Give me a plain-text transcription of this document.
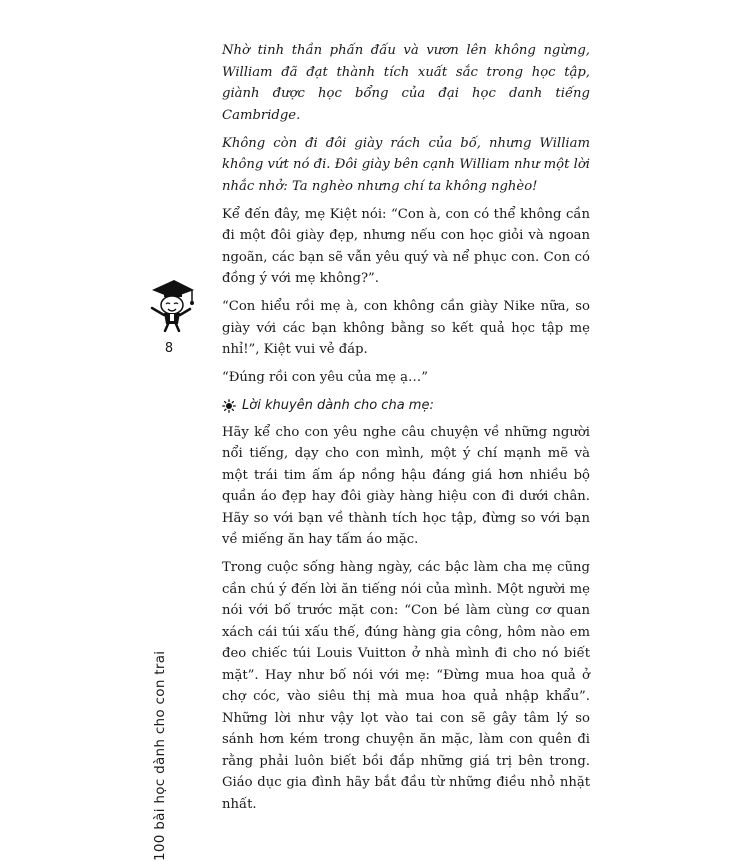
8
100 bài học dành cho con trai

Nhờ tinh thần phấn đấu và vươn lên không ngừng, William đã đạt thành tích xuất sắc trong học tập, giành được học bổng của đại học danh tiếng Cambridge.

Không còn đi đôi giày rách của bố, nhưng William không vứt nó đi. Đôi giày bên cạnh William như một lời nhắc nhở: Ta nghèo nhưng chí ta không nghèo!

Kể đến đây, mẹ Kiệt nói: “Con à, con có thể không cần đi một đôi giày đẹp, nhưng nếu con học giỏi và ngoan ngoãn, các bạn sẽ vẫn yêu quý và nể phục con. Con có đồng ý với mẹ không?”.

“Con hiểu rồi mẹ à, con không cần giày Nike nữa, so giày với các bạn không bằng so kết quả học tập mẹ nhỉ!”, Kiệt vui vẻ đáp.

“Đúng rồi con yêu của mẹ ạ…”

Lời khuyên dành cho cha mẹ:

Hãy kể cho con yêu nghe câu chuyện về những người nổi tiếng, dạy cho con mình, một ý chí mạnh mẽ và một trái tim ấm áp nồng hậu đáng giá hơn nhiều bộ quần áo đẹp hay đôi giày hàng hiệu con đi dưới chân. Hãy so với bạn về thành tích học tập, đừng so với bạn về miếng ăn hay tấm áo mặc.

Trong cuộc sống hàng ngày, các bậc làm cha mẹ cũng cần chú ý đến lời ăn tiếng nói của mình. Một người mẹ nói với bố trước mặt con: “Con bé làm cùng cơ quan xách cái túi xấu thế, đúng hàng gia công, hôm nào em đeo chiếc túi Louis Vuitton ở nhà mình đi cho nó biết mặt”. Hay như bố nói với mẹ: “Đừng mua hoa quả ở chợ cóc, vào siêu thị mà mua hoa quả nhập khẩu”. Những lời như vậy lọt vào tai con sẽ gây tâm lý so sánh hơn kém trong chuyện ăn mặc, làm con quên đi rằng phải luôn biết bồi đắp những giá trị bên trong. Giáo dục gia đình hãy bắt đầu từ những điều nhỏ nhặt nhất.
